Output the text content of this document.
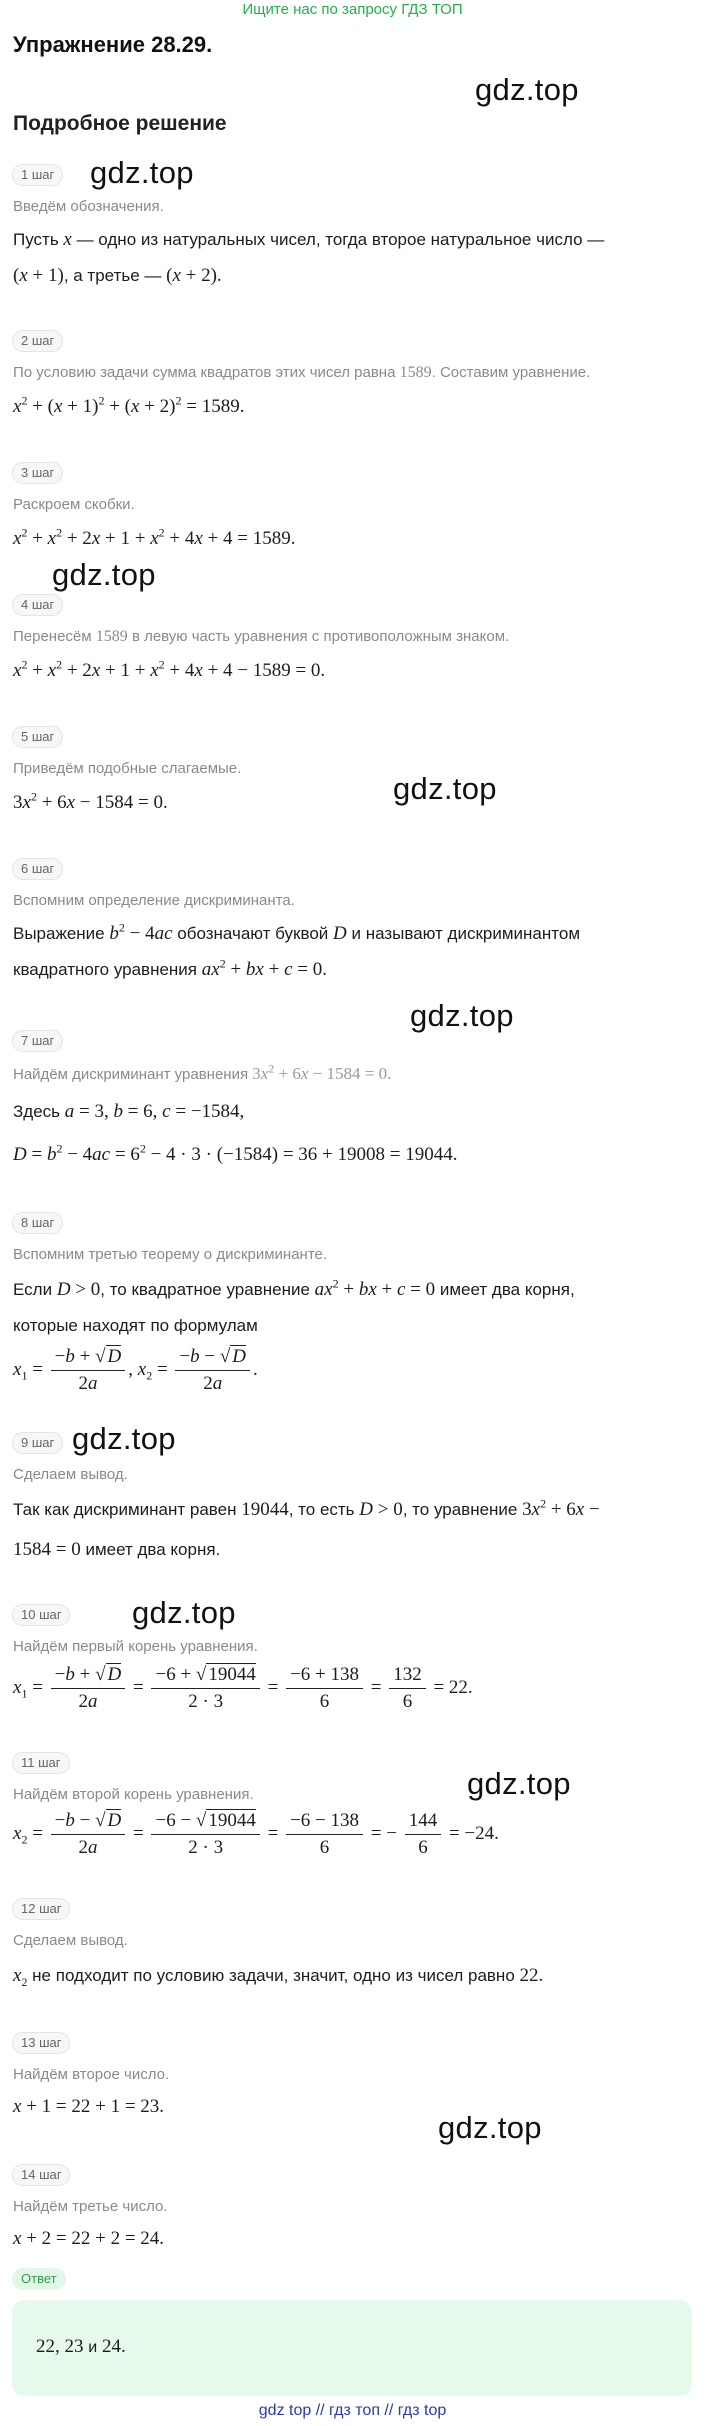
Ищите нас по запросу ГДЗ ТОП
Упражнение 28.29.
Подробное решение
gdz.top
gdz.top
gdz.top
gdz.top
gdz.top
gdz.top
gdz.top
gdz.top
gdz.top
1 шаг
Введём обозначения.
Пусть x — одно из натуральных чисел, тогда второе натуральное число —
(x + 1), а третье — (x + 2).
2 шаг
По условию задачи сумма квадратов этих чисел равна 1589. Составим уравнение.
$x^2 + (x + 1)^2 + (x + 2)^2 = 1589$.
3 шаг
Раскроем скобки.
$x^2 + x^2 + 2x + 1 + x^2 + 4x + 4 = 1589$.
4 шаг
Перенесём 1589 в левую часть уравнения с противоположным знаком.
$x^2 + x^2 + 2x + 1 + x^2 + 4x + 4 - 1589 = 0$.
5 шаг
Приведём подобные слагаемые.
$3x^2 + 6x - 1584 = 0$.
6 шаг
Вспомним определение дискриминанта.
Выражение $b^2 - 4ac$ обозначают буквой D и называют дискриминантом
квадратного уравнения $ax^2$ + bx + c = 0.
7 шаг
Найдём дискриминант уравнения $3x^2 + 6x - 1584 = 0$.
Здесь a = 3, b = 6, c = −1584,
$D = b^2 - 4ac = 6^2 - 4 \cdot 3 \cdot (-1584) = 36 + 19008 = 19044$.
8 шаг
Вспомним третью теорему о дискриминанте.
Если D > 0, то квадратное уравнение $ax^2$ + bx + c = 0 имеет два корня,
которые находят по формулам
$x_1 = \frac{-b + √ D}{2a}$ , $x_2 = \frac{-b - √ D}{2a}$ .
9 шаг
Сделаем вывод.
Так как дискриминант равен 19044, то есть D > 0, то уравнение $3x^2 + 6x$ −
1584 = 0 имеет два корня.
10 шаг
Найдём первый корень уравнения.
$x_1 = \frac{-b + √ D}{2a} = \frac{-6 + √ 19044}{2 \cdot 3} = \frac{-6 + 138}{6} = \frac{132}{6} = 22$.
11 шаг
Найдём второй корень уравнения.
$x_2 = \frac{-b - √ D}{2a} = \frac{-6 - √ 19044}{2 \cdot 3} = \frac{-6 - 138}{6}$ = − $\frac{144}{6} = -24$.
12 шаг
Сделаем вывод.
$x_2$ не подходит по условию задачи, значит, одно из чисел равно 22.
13 шаг
Найдём второе число.
x + 1 = 22 + 1 = 23.
14 шаг
Найдём третье число.
x + 2 = 22 + 2 = 24.
Ответ
22, 23 и 24.
gdz top // гдз топ // гдз top
